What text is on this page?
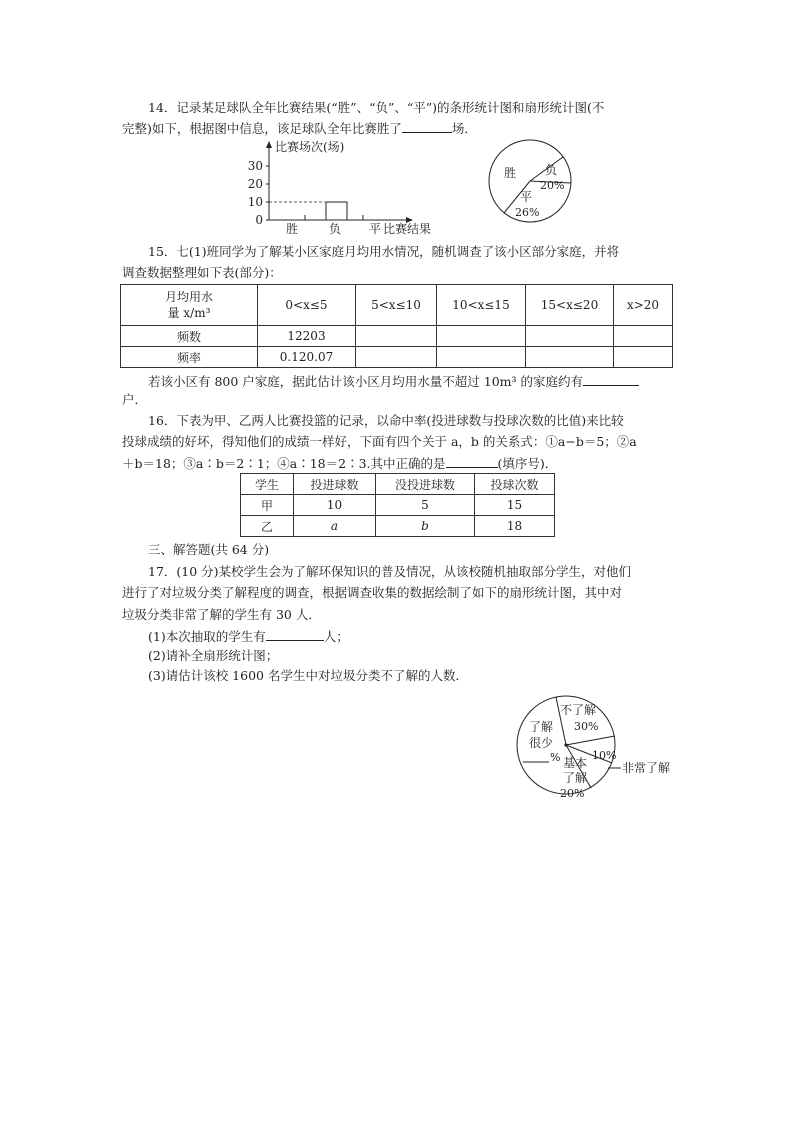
14．记录某足球队全年比赛结果(“胜”、“负”、“平”)的条形统计图和扇形统计图(不
完整)如下，根据图中信息，该足球队全年比赛胜了	场．
比赛场次(场)
30
20
10
0
胜	负 平 比赛结果
胜 负
20%
平
26%
15．七(1)班同学为了解某小区家庭月均用水情况，随机调查了该小区部分家庭，并将
调查数据整理如下表(部分)：
月均用水
量 x/m³	0<x≤5	5<x≤10	10<x≤15	15<x≤20	x>20
频数	12203				
频率	0.120.07				
若该小区有 800 户家庭，据此估计该小区月均用水量不超过 10m³ 的家庭约有
户．
16．下表为甲、乙两人比赛投篮的记录，以命中率(投进球数与投球次数的比值)来比较
投球成绩的好坏，得知他们的成绩一样好，下面有四个关于 a，b 的关系式：①a−b＝5；②a
＋b＝18；③a∶b＝2∶1；④a∶18＝2∶3.其中正确的是	(填序号)．
学生	投进球数	没投进球数	投球次数
甲	10	5	15
乙	a	b	18
三、解答题(共 64 分)
17．(10 分)某校学生会为了解环保知识的普及情况，从该校随机抽取部分学生，对他们
进行了对垃圾分类了解程度的调查，根据调查收集的数据绘制了如下的扇形统计图，其中对
垃圾分类非常了解的学生有 30 人．
(1)本次抽取的学生有	人；
(2)请补全扇形统计图；
(3)请估计该校 1600 名学生中对垃圾分类不了解的人数．
不了解
30%
了解
很少
% 基本
了解
20%
10%
非常了解
